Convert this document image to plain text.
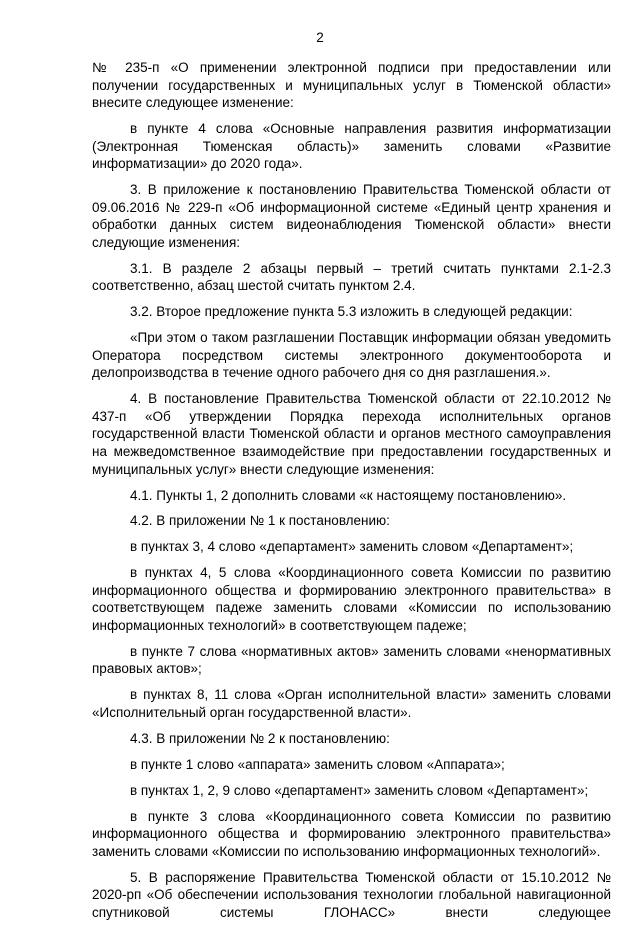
2

№ 235-п «О применении электронной подписи при предоставлении или получении государственных и муниципальных услуг в Тюменской области» внесите следующее изменение:

в пункте 4 слова «Основные направления развития информатизации (Электронная Тюменская область)» заменить словами «Развитие информатизации» до 2020 года».

3. В приложение к постановлению Правительства Тюменской области от 09.06.2016 № 229-п «Об информационной системе «Единый центр хранения и обработки данных систем видеонаблюдения Тюменской области» внести следующие изменения:

3.1. В разделе 2 абзацы первый – третий считать пунктами 2.1-2.3 соответственно, абзац шестой считать пунктом 2.4.

3.2. Второе предложение пункта 5.3 изложить в следующей редакции:

«При этом о таком разглашении Поставщик информации обязан уведомить Оператора посредством системы электронного документооборота и делопроизводства в течение одного рабочего дня со дня разглашения.».

4. В постановление Правительства Тюменской области от 22.10.2012 № 437-п «Об утверждении Порядка перехода исполнительных органов государственной власти Тюменской области и органов местного самоуправления на межведомственное взаимодействие при предоставлении государственных и муниципальных услуг» внести следующие изменения:

4.1. Пункты 1, 2 дополнить словами «к настоящему постановлению».

4.2. В приложении № 1 к постановлению:

в пунктах 3, 4 слово «департамент» заменить словом «Департамент»;

в пунктах 4, 5 слова «Координационного совета Комиссии по развитию информационного общества и формированию электронного правительства» в соответствующем падеже заменить словами «Комиссии по использованию информационных технологий» в соответствующем падеже;

в пункте 7 слова «нормативных актов» заменить словами «ненормативных правовых актов»;

в пунктах 8, 11 слова «Орган исполнительной власти» заменить словами «Исполнительный орган государственной власти».

4.3. В приложении № 2 к постановлению:

в пункте 1 слово «аппарата» заменить словом «Аппарата»;

в пунктах 1, 2, 9 слово «департамент» заменить словом «Департамент»;

в пункте 3 слова «Координационного совета Комиссии по развитию информационного общества и формированию электронного правительства» заменить словами «Комиссии по использованию информационных технологий».

5. В распоряжение Правительства Тюменской области от 15.10.2012 № 2020-рп «Об обеспечении использования технологии глобальной навигационной спутниковой системы ГЛОНАСС» внести следующее
